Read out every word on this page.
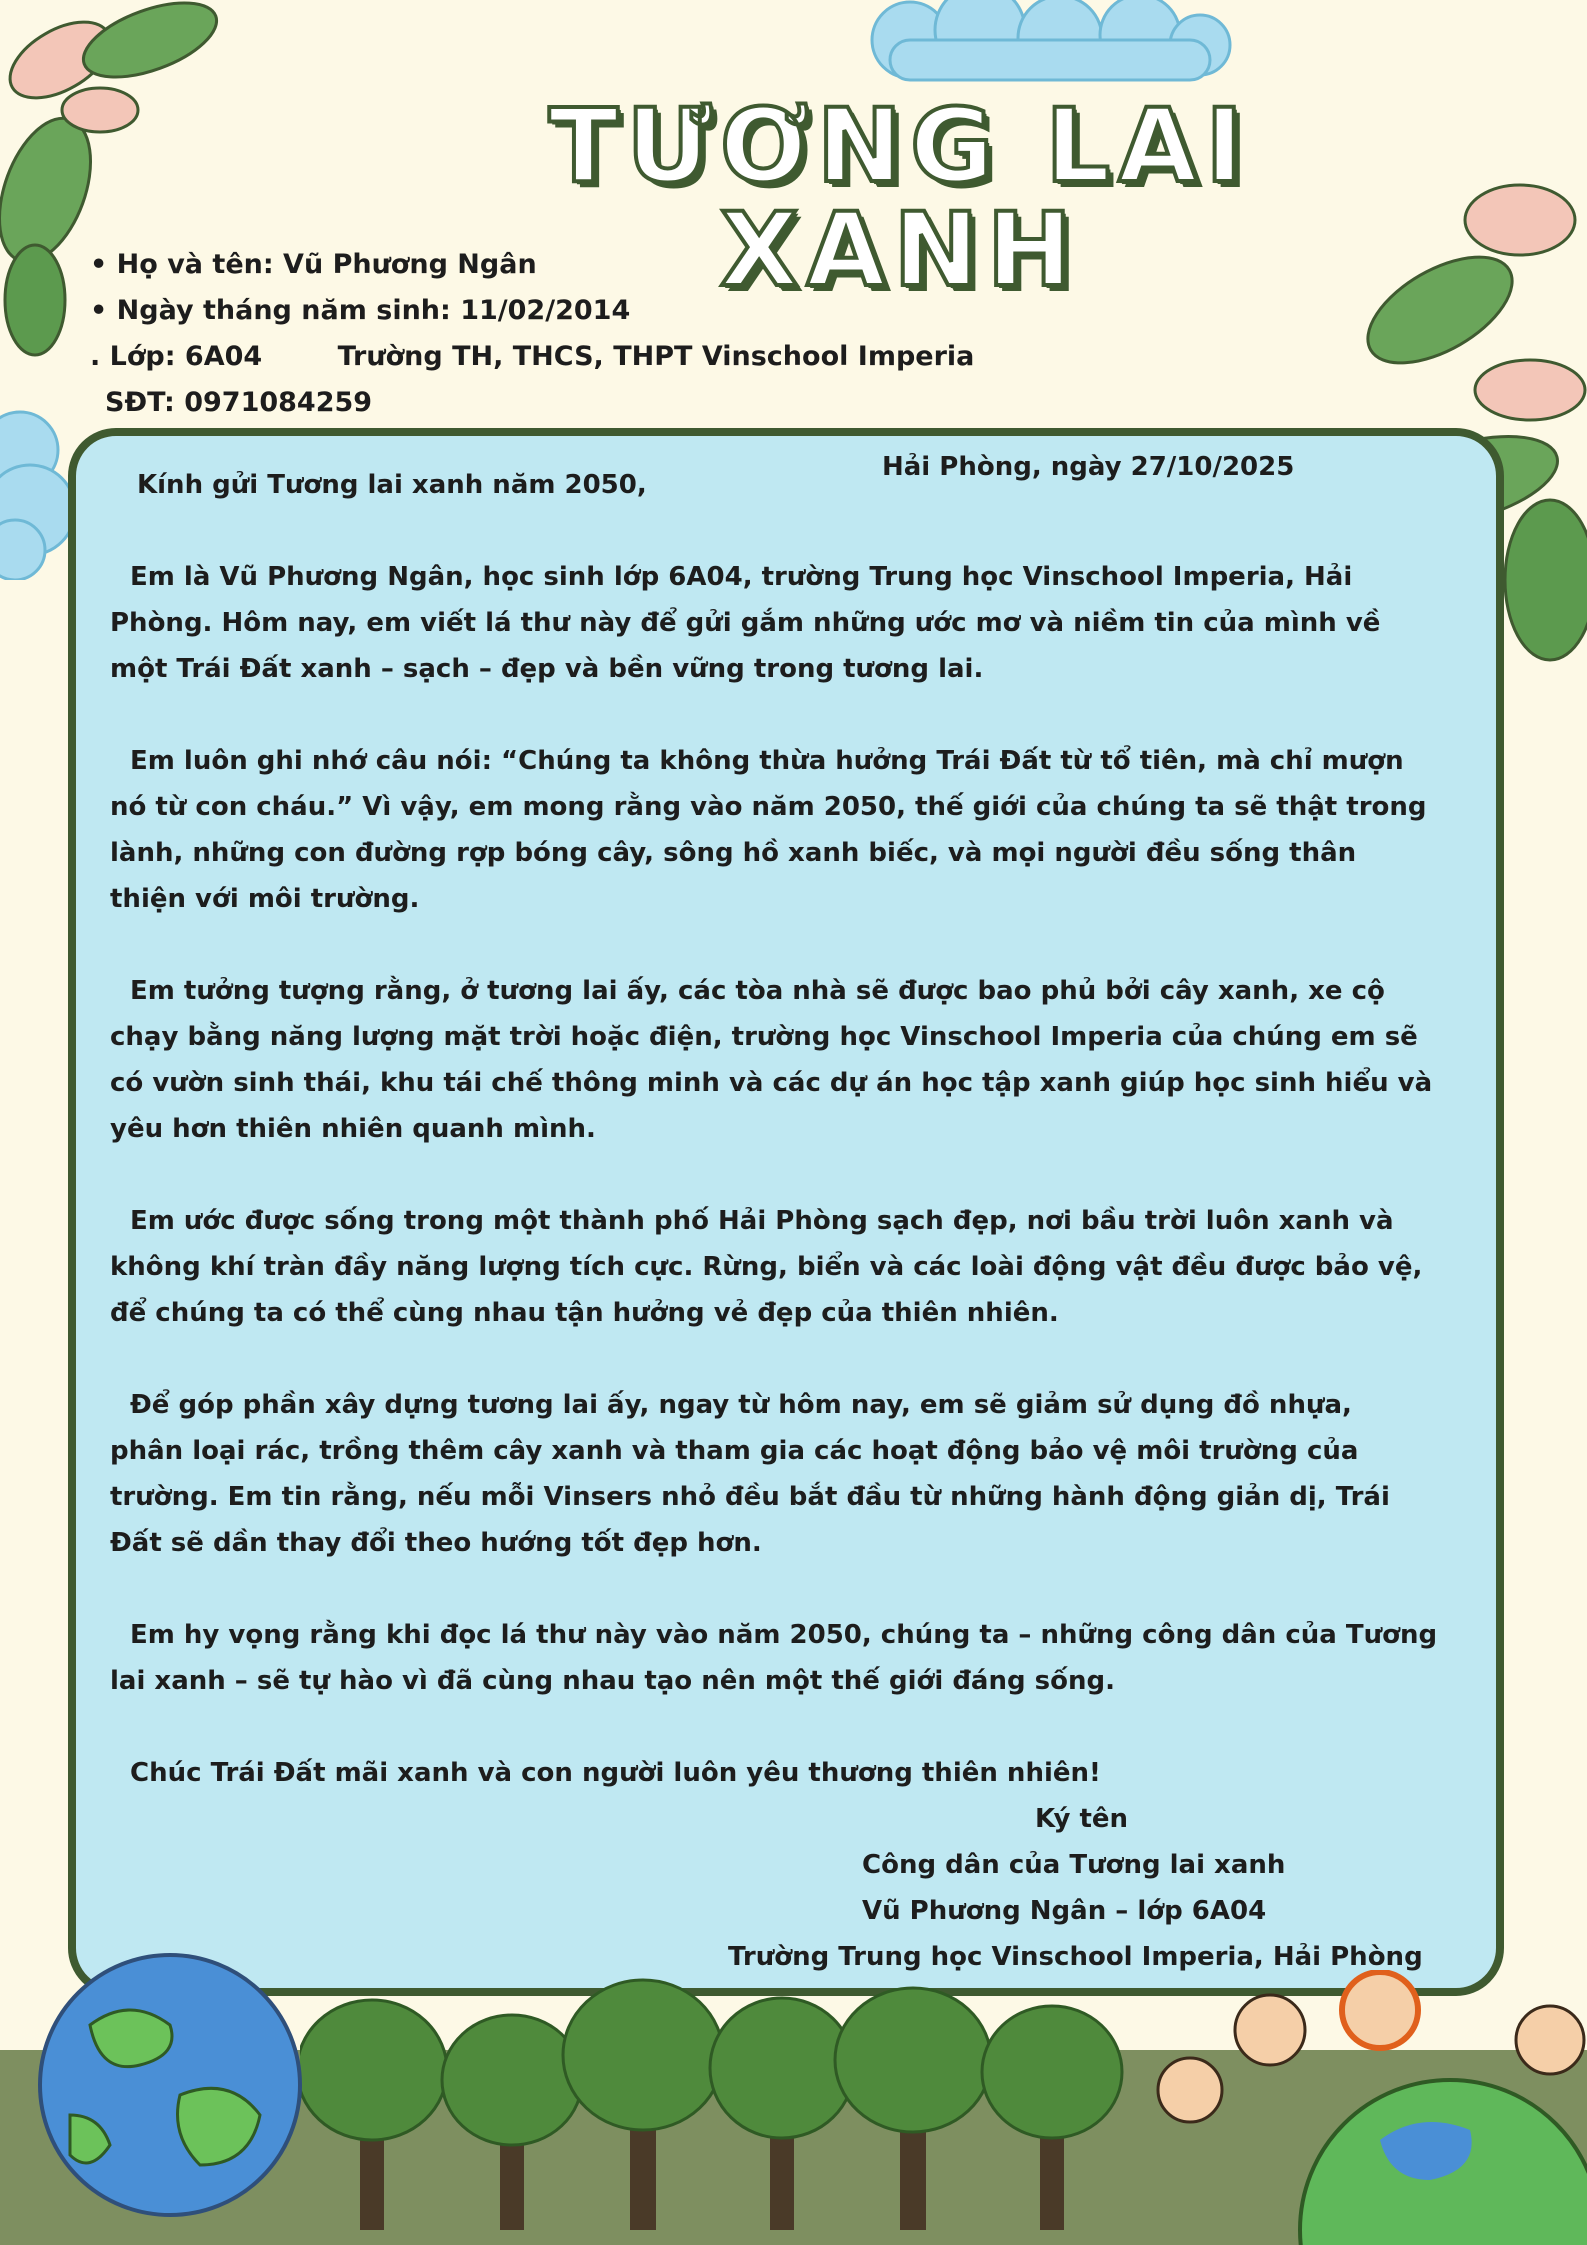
TƯƠNG LAI
XANH
• Họ và tên: Vũ Phương Ngân
• Ngày tháng năm sinh: 11/02/2014
. Lớp: 6A04	Trường TH, THCS, THPT Vinschool Imperia
SĐT: 0971084259
Kính gửi Tương lai xanh năm 2050,
Hải Phòng, ngày 27/10/2025
Em là Vũ Phương Ngân, học sinh lớp 6A04, trường Trung học Vinschool Imperia, Hải
Phòng. Hôm nay, em viết lá thư này để gửi gắm những ước mơ và niềm tin của mình về
một Trái Đất xanh – sạch – đẹp và bền vững trong tương lai.
Em luôn ghi nhớ câu nói: “Chúng ta không thừa hưởng Trái Đất từ tổ tiên, mà chỉ mượn
nó từ con cháu.” Vì vậy, em mong rằng vào năm 2050, thế giới của chúng ta sẽ thật trong
lành, những con đường rợp bóng cây, sông hồ xanh biếc, và mọi người đều sống thân
thiện với môi trường.
Em tưởng tượng rằng, ở tương lai ấy, các tòa nhà sẽ được bao phủ bởi cây xanh, xe cộ
chạy bằng năng lượng mặt trời hoặc điện, trường học Vinschool Imperia của chúng em sẽ
có vườn sinh thái, khu tái chế thông minh và các dự án học tập xanh giúp học sinh hiểu và
yêu hơn thiên nhiên quanh mình.
Em ước được sống trong một thành phố Hải Phòng sạch đẹp, nơi bầu trời luôn xanh và
không khí tràn đầy năng lượng tích cực. Rừng, biển và các loài động vật đều được bảo vệ,
để chúng ta có thể cùng nhau tận hưởng vẻ đẹp của thiên nhiên.
Để góp phần xây dựng tương lai ấy, ngay từ hôm nay, em sẽ giảm sử dụng đồ nhựa,
phân loại rác, trồng thêm cây xanh và tham gia các hoạt động bảo vệ môi trường của
trường. Em tin rằng, nếu mỗi Vinsers nhỏ đều bắt đầu từ những hành động giản dị, Trái
Đất sẽ dần thay đổi theo hướng tốt đẹp hơn.
Em hy vọng rằng khi đọc lá thư này vào năm 2050, chúng ta – những công dân của Tương
lai xanh – sẽ tự hào vì đã cùng nhau tạo nên một thế giới đáng sống.
Chúc Trái Đất mãi xanh và con người luôn yêu thương thiên nhiên!
Ký tên
Công dân của Tương lai xanh
Vũ Phương Ngân – lớp 6A04
Trường Trung học Vinschool Imperia, Hải Phòng
